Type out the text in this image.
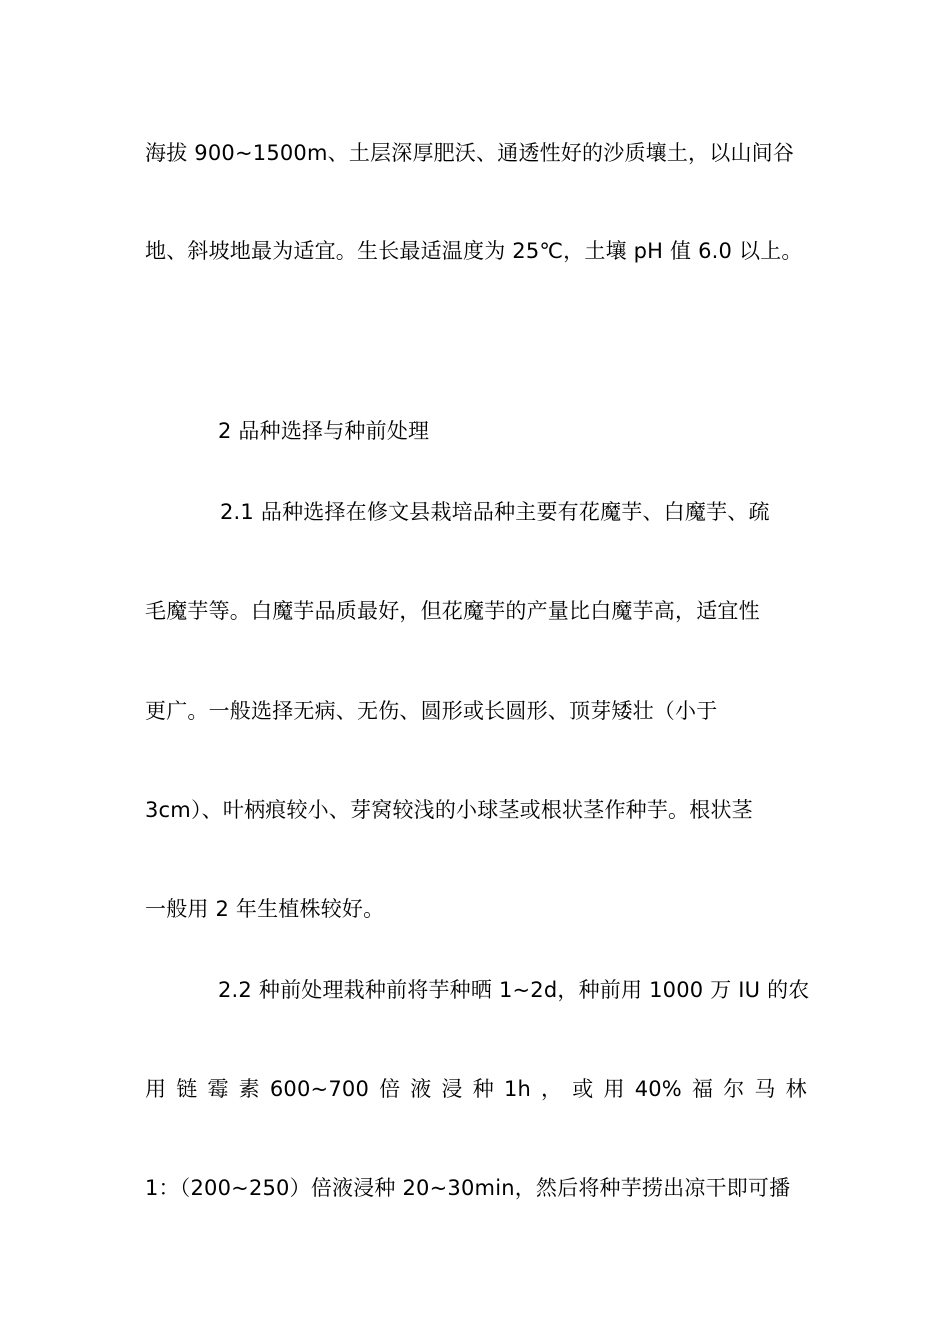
海拔 900~1500m、土层深厚肥沃、通透性好的沙质壤土，以山间谷
地、斜坡地最为适宜。生长最适温度为 25℃，土壤 pH 值 6.0 以上。
2 品种选择与种前处理
2.1 品种选择在修文县栽培品种主要有花魔芋、白魔芋、疏
毛魔芋等。白魔芋品质最好，但花魔芋的产量比白魔芋高，适宜性
更广。一般选择无病、无伤、圆形或长圆形、顶芽矮壮（小于
3cm）、叶柄痕较小、芽窝较浅的小球茎或根状茎作种芋。根状茎
一般用 2 年生植株较好。
2.2 种前处理栽种前将芋种晒 1~2d，种前用 1000 万 IU 的农
用 链 霉 素 600~700 倍 液 浸 种 1h ， 或 用 40% 福 尔 马 林
1：（200~250）倍液浸种 20~30min，然后将种芋捞出凉干即可播
